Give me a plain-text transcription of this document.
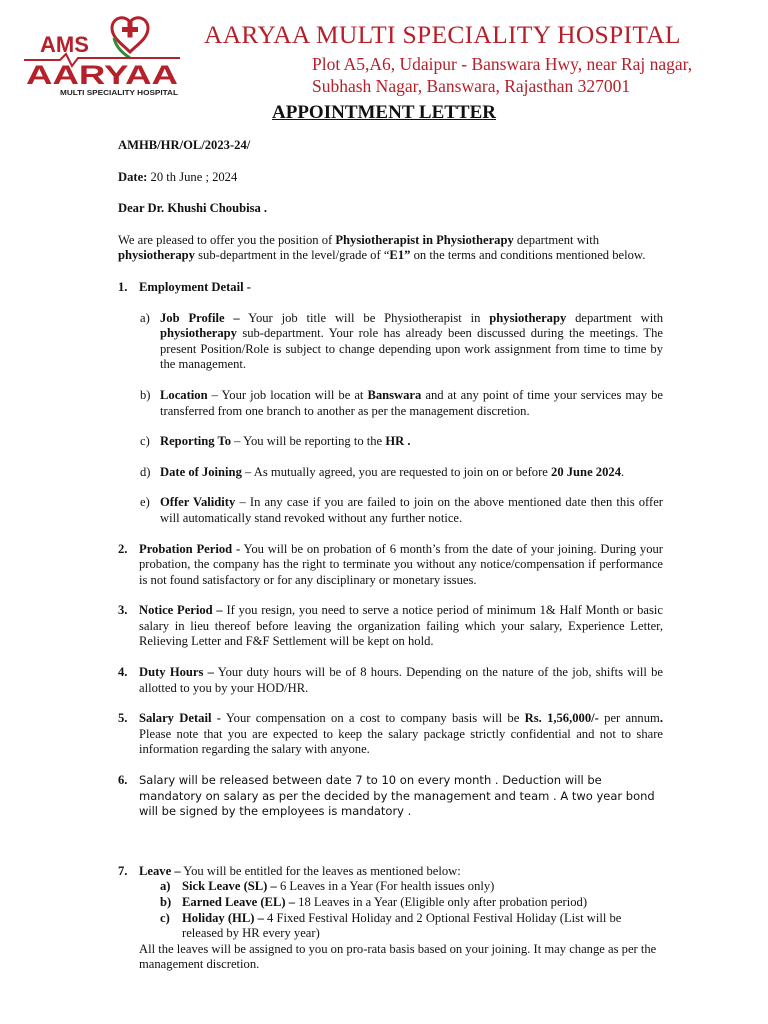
AMS
AARYAA
MULTI SPECIALITY HOSPITAL
AARYAA MULTI SPECIALITY HOSPITAL
Plot A5,A6, Udaipur - Banswara Hwy, near Raj nagar,
Subhash Nagar, Banswara, Rajasthan 327001
APPOINTMENT LETTER

AMHB/HR/OL/2023-24/

Date: 20 th June ; 2024

Dear Dr. Khushi Choubisa .

We are pleased to offer you the position of Physiotherapist in Physiotherapy department with physiotherapy sub-department in the level/grade of “E1” on the terms and conditions mentioned below.

1. Employment Detail -
a) Job Profile – Your job title will be Physiotherapist in physiotherapy department with physiotherapy sub-department. Your role has already been discussed during the meetings. The present Position/Role is subject to change depending upon work assignment from time to time by the management.
b) Location – Your job location will be at Banswara and at any point of time your services may be transferred from one branch to another as per the management discretion.
c) Reporting To – You will be reporting to the HR .
d) Date of Joining – As mutually agreed, you are requested to join on or before 20 June 2024.
e) Offer Validity – In any case if you are failed to join on the above mentioned date then this offer will automatically stand revoked without any further notice.
2. Probation Period - You will be on probation of 6 month’s from the date of your joining. During your probation, the company has the right to terminate you without any notice/compensation if performance is not found satisfactory or for any disciplinary or monetary issues.
3. Notice Period – If you resign, you need to serve a notice period of minimum 1& Half Month or basic salary in lieu thereof before leaving the organization failing which your salary, Experience Letter, Relieving Letter and F&F Settlement will be kept on hold.
4. Duty Hours – Your duty hours will be of 8 hours. Depending on the nature of the job, shifts will be allotted to you by your HOD/HR.
5. Salary Detail - Your compensation on a cost to company basis will be Rs. 1,56,000/- per annum. Please note that you are expected to keep the salary package strictly confidential and not to share information regarding the salary with anyone.
6. Salary will be released between date 7 to 10 on every month . Deduction will be mandatory on salary as per the decided by the management and team . A two year bond will be signed by the employees is mandatory .
7. Leave – You will be entitled for the leaves as mentioned below:
a) Sick Leave (SL) – 6 Leaves in a Year (For health issues only)
b) Earned Leave (EL) – 18 Leaves in a Year (Eligible only after probation period)
c) Holiday (HL) – 4 Fixed Festival Holiday and 2 Optional Festival Holiday (List will be released by HR every year)

All the leaves will be assigned to you on pro-rata basis based on your joining. It may change as per the management discretion.
